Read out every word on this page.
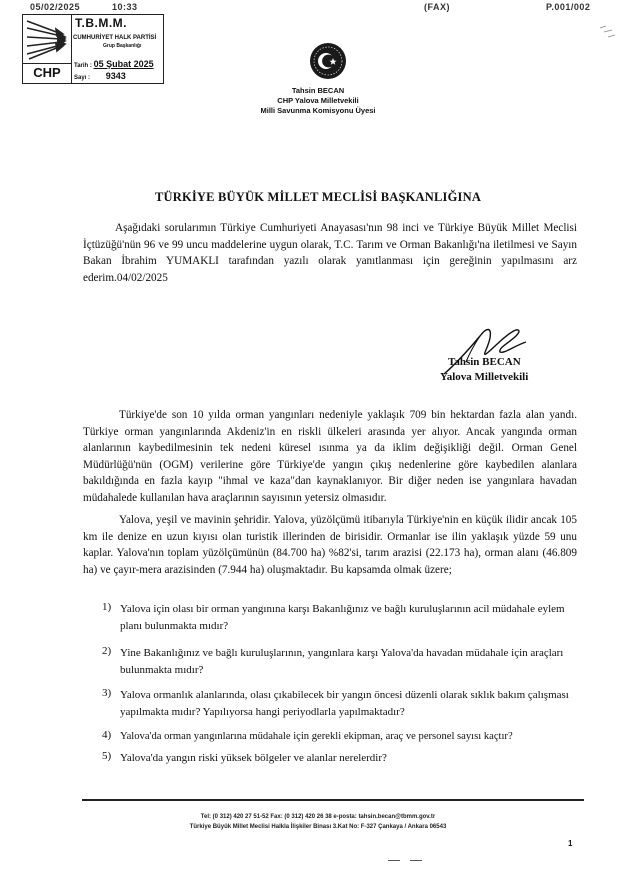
05/02/2025	10:33	(FAX)	P.001/002
CHP
T.B.M.M.
CUMHURİYET HALK PARTİSİ
Grup Başkanlığı
Tarih : 05 Şubat 2025
Sayı : 9343
Tahsin BECAN
CHP Yalova Milletvekili
Milli Savunma Komisyonu Üyesi
TÜRKİYE BÜYÜK MİLLET MECLİSİ BAŞKANLIĞINA
Aşağıdaki sorularımın Türkiye Cumhuriyeti Anayasası'nın 98 inci ve Türkiye Büyük Millet Meclisi İçtüzüğü'nün 96 ve 99 uncu maddelerine uygun olarak, T.C. Tarım ve Orman Bakanlığı'na iletilmesi ve Sayın Bakan İbrahim YUMAKLI tarafından yazılı olarak yanıtlanması için gereğinin yapılmasını arz ederim.04/02/2025
Tahsin BECAN
Yalova Milletvekili
Türkiye'de son 10 yılda orman yangınları nedeniyle yaklaşık 709 bin hektardan fazla alan yandı. Türkiye orman yangınlarında Akdeniz'in en riskli ülkeleri arasında yer alıyor. Ancak yangında orman alanlarının kaybedilmesinin tek nedeni küresel ısınma ya da iklim değişikliği değil. Orman Genel Müdürlüğü'nün (OGM) verilerine göre Türkiye'de yangın çıkış nedenlerine göre kaybedilen alanlara bakıldığında en fazla kayıp "ihmal ve kaza"dan kaynaklanıyor. Bir diğer neden ise yangınlara havadan müdahalede kullanılan hava araçlarının sayısının yetersiz olmasıdır.
Yalova, yeşil ve mavinin şehridir. Yalova, yüzölçümü itibarıyla Türkiye'nin en küçük ilidir ancak 105 km ile denize en uzun kıyısı olan turistik illerinden de birisidir. Ormanlar ise ilin yaklaşık yüzde 59 unu kaplar. Yalova'nın toplam yüzölçümünün (84.700 ha) %82'si, tarım arazisi (22.173 ha), orman alanı (46.809 ha) ve çayır-mera arazisinden (7.944 ha) oluşmaktadır. Bu kapsamda olmak üzere;
1) Yalova için olası bir orman yangınına karşı Bakanlığınız ve bağlı kuruluşlarının acil müdahale eylem planı bulunmakta mıdır?
2) Yine Bakanlığınız ve bağlı kuruluşlarının, yangınlara karşı Yalova'da havadan müdahale için araçları bulunmakta mıdır?
3) Yalova ormanlık alanlarında, olası çıkabilecek bir yangın öncesi düzenli olarak sıklık bakım çalışması yapılmakta mıdır? Yapılıyorsa hangi periyodlarla yapılmaktadır?
4) Yalova'da orman yangınlarına müdahale için gerekli ekipman, araç ve personel sayısı kaçtır?
5) Yalova'da yangın riski yüksek bölgeler ve alanlar nerelerdir?
Tel: (0 312) 420 27 51-52 Fax: (0 312) 420 26 38 e-posta: tahsin.becan@tbmm.gov.tr
Türkiye Büyük Millet Meclisi Halkla İlişkiler Binası 3.Kat No: F-327 Çankaya / Ankara 06543
1
